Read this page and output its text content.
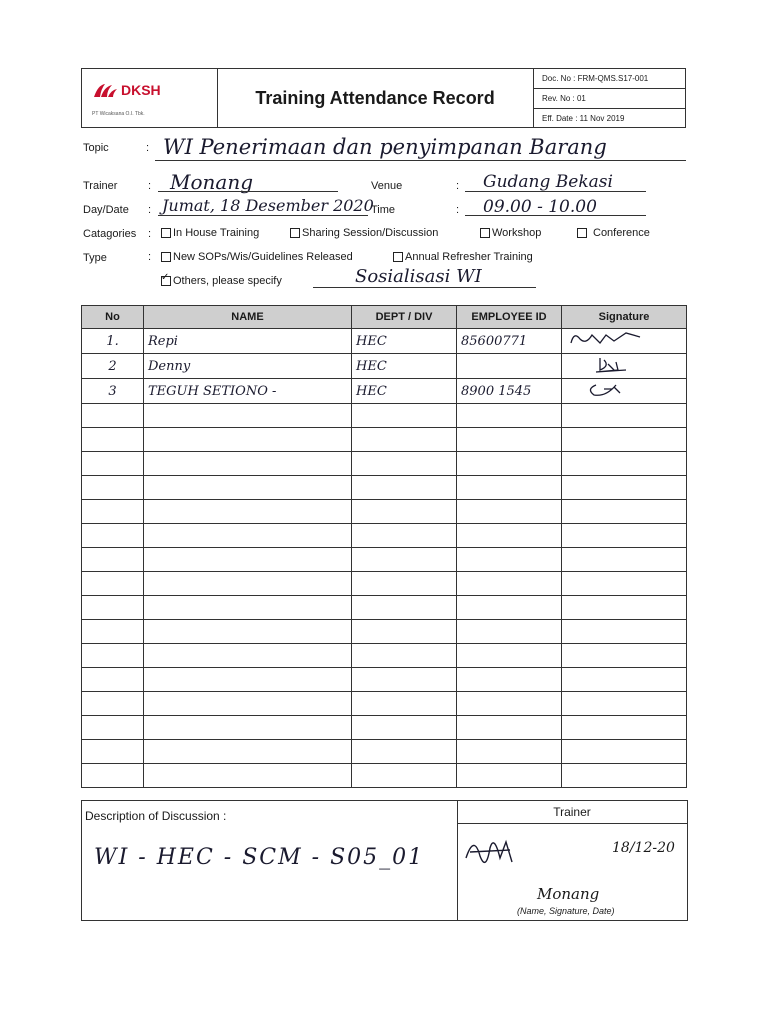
DKSH
PT Wicaksana O.I. Tbk.
Training Attendance Record
Doc. No : FRM-QMS.S17-001
Rev. No : 01
Eff. Date : 11 Nov 2019
Topic	: WI Penerimaan dan penyimpanan Barang
Trainer	: Monang	Venue	: Gudang Bekasi
Day/Date : Jumat, 18 Desember 2020
Time	: 09.00 - 10.00
Catagories : In House Training	Sharing Session/Discussion	Workshop	Conference
Type	: New SOPs/Wis/Guidelines Released	Annual Refresher Training
✓
Others, please specify	Sosialisasi WI
No	NAME	DEPT / DIV	EMPLOYEE ID	Signature
1.	Repi	HEC	85600771	
2	Denny	HEC		
3	TEGUH SETIONO -	HEC	8900 1545	

Description of Discussion :
WI - HEC - SCM - S05_01
Trainer
18/12-20
Monang
(Name, Signature, Date)
